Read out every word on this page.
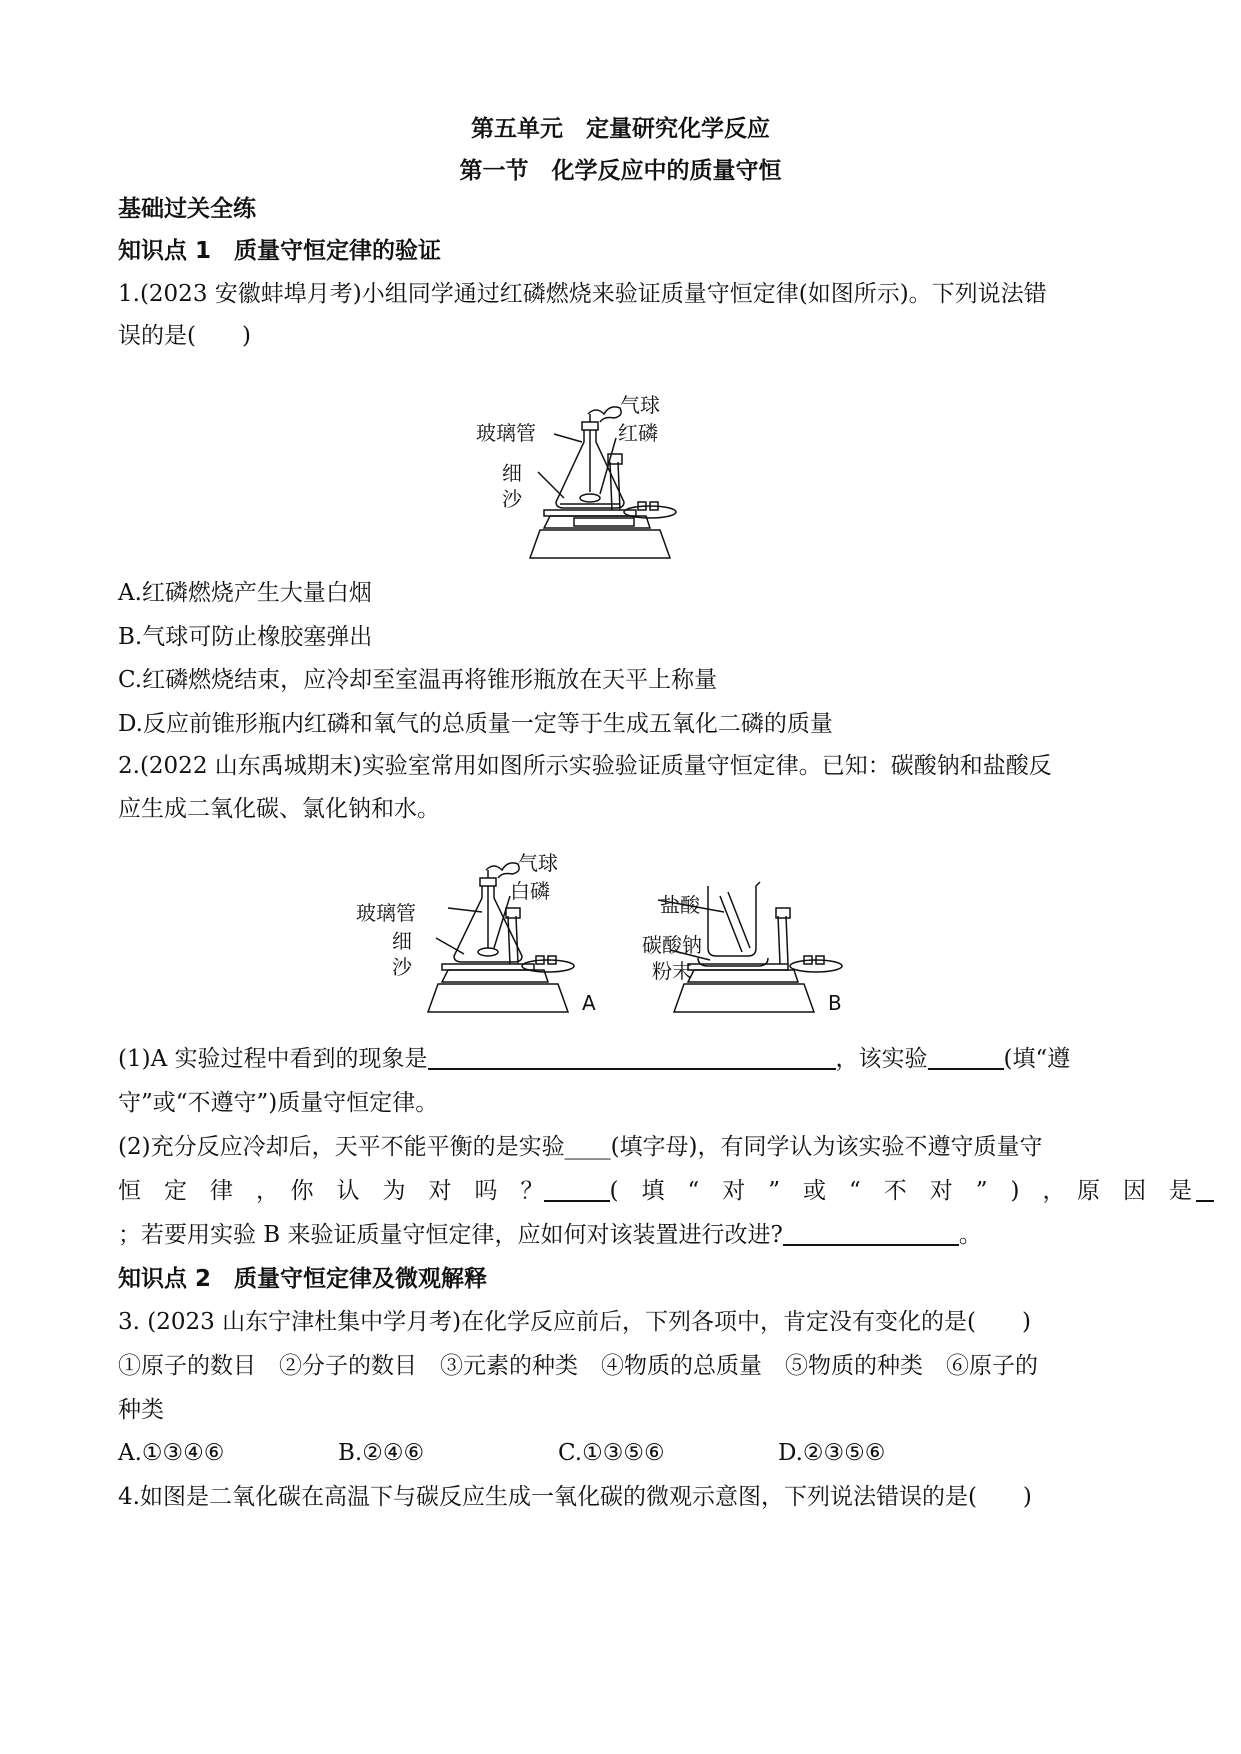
第五单元　定量研究化学反应
第一节　化学反应中的质量守恒
基础过关全练
知识点 1　质量守恒定律的验证
1.(2023 安徽蚌埠月考)小组同学通过红磷燃烧来验证质量守恒定律(如图所示)。下列说法错
误的是(　　)
气球
玻璃管	红磷
细
沙
A.红磷燃烧产生大量白烟
B.气球可防止橡胶塞弹出
C.红磷燃烧结束，应冷却至室温再将锥形瓶放在天平上称量
D.反应前锥形瓶内红磷和氧气的总质量一定等于生成五氧化二磷的质量
2.(2022 山东禹城期末)实验室常用如图所示实验验证质量守恒定律。已知：碳酸钠和盐酸反
应生成二氧化碳、氯化钠和水。
气球
玻璃管
白磷
细
沙
A
盐酸
碳酸钠
粉末
B
(1)A 实验过程中看到的现象是	，该实验	(填“遵
守”或“不遵守”)质量守恒定律。
(2)充分反应冷却后，天平不能平衡的是实验____(填字母)，有同学认为该实验不遵守质量守
恒　定　律　，　你　认　为　对　吗　？	(　填　“　对　”　或　“　不　对　”　)　，　原　因　是
；若要用实验 B 来验证质量守恒定律，应如何对该装置进行改进?	。
知识点 2　质量守恒定律及微观解释
3. (2023 山东宁津杜集中学月考)在化学反应前后，下列各项中，肯定没有变化的是(　　)
①原子的数目　②分子的数目　③元素的种类　④物质的总质量　⑤物质的种类　⑥原子的
种类
A.①③④⑥	B.②④⑥	C.①③⑤⑥	D.②③⑤⑥
4.如图是二氧化碳在高温下与碳反应生成一氧化碳的微观示意图，下列说法错误的是(　　)
